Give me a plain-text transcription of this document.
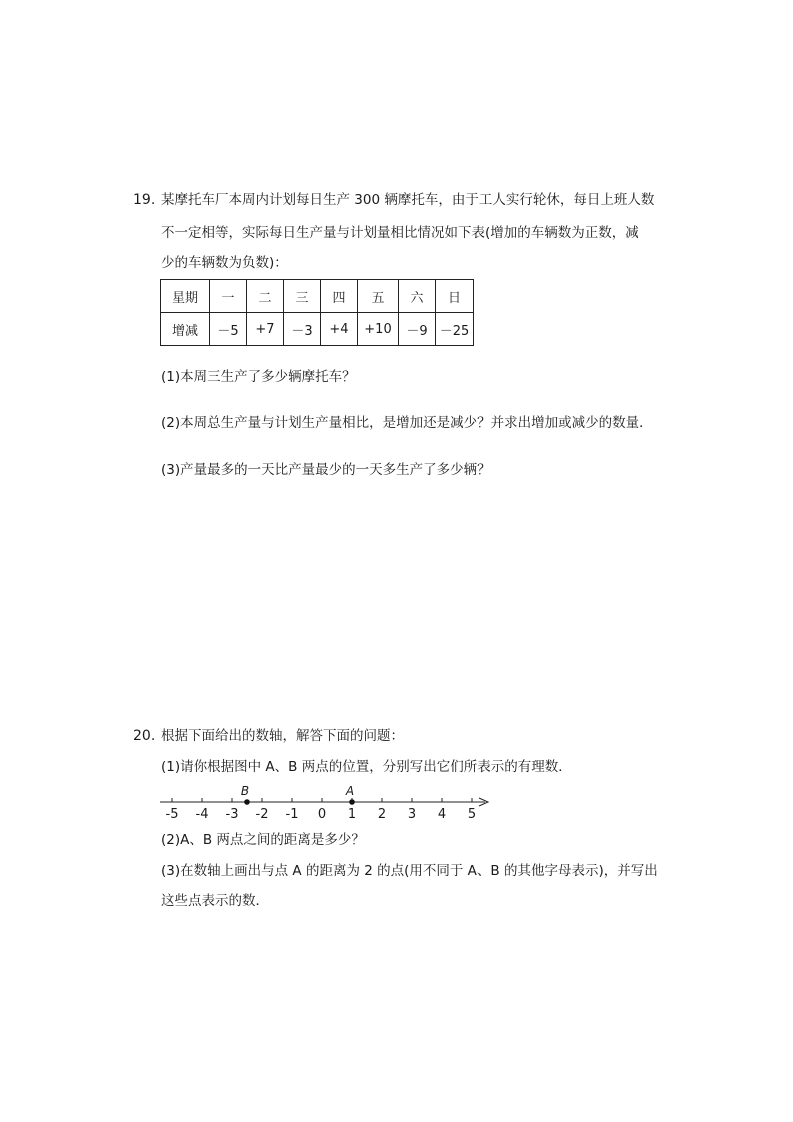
19. 某摩托车厂本周内计划每日生产 300 辆摩托车，由于工人实行轮休，每日上班人数
不一定相等，实际每日生产量与计划量相比情况如下表(增加的车辆数为正数，减
少的车辆数为负数)：
星期	一	二	三	四	五	六	日
增减	－5	+7	－3	+4	+10	－9	－25
(1)本周三生产了多少辆摩托车？
(2)本周总生产量与计划生产量相比，是增加还是减少？并求出增加或减少的数量．
(3)产量最多的一天比产量最少的一天多生产了多少辆？
20. 根据下面给出的数轴，解答下面的问题：
(1)请你根据图中 A、B 两点的位置，分别写出它们所表示的有理数．
-5 -4 -3 -2 -1 0 1 2 3 4 5
A
B
(2)A、B 两点之间的距离是多少？
(3)在数轴上画出与点 A 的距离为 2 的点(用不同于 A、B 的其他字母表示)，并写出
这些点表示的数．
